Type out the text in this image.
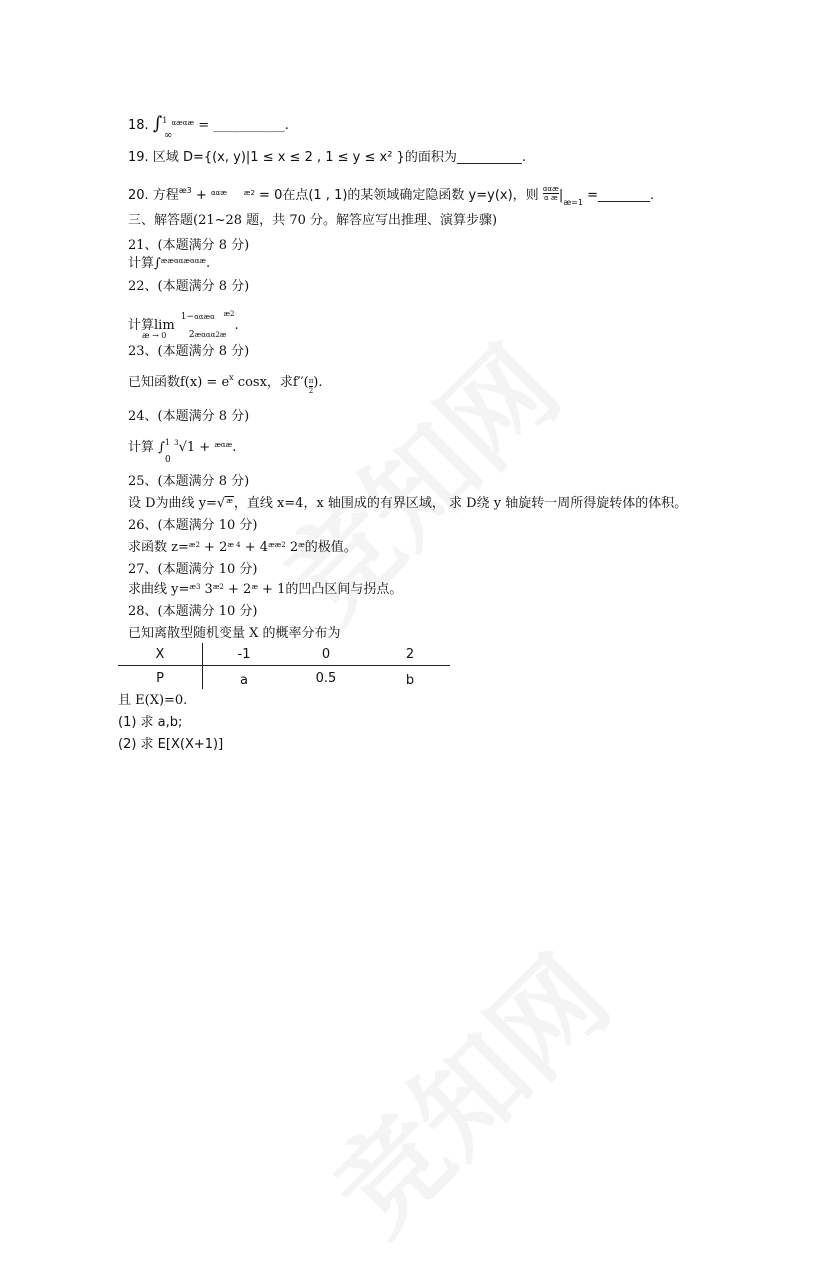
18. ∫$^1$ $^{\alpha æ\alpha æ}$ = ___________.
∞
19. 区域 D={(x, y)|1 ≤ x ≤ 2 , 1 ≤ y ≤ x² }的面积为__________.
20. 方程$^{æ3}$ + $^{\alpha\alpha æ}$ $^{æ2}$ = 0在点(1 , 1)的某领域确定隐函数 y=y(x)，则 ααæ
α æ $|_{æ=1}$ =________.
三、解答题(21~28 题，共 70 分。解答应写出推理、演算步骤)
21、(本题满分 8 分)
计算∫$^{ææ\alpha\alpha æ\alpha\alpha æ}$.
22、(本题满分 8 分)
计算lim
1−ααæα $^{æ2}$
2æααα2æ
.
æ → 0
23、(本题满分 8 分)
已知函数$f(x) = e^x$ cosx，求$f''( \frac{\pi}{2}$ ).
24、(本题满分 8 分)
计算 ∫$^1$ $^3$√1 + $^{æ\alpha æ}$.
0
25、(本题满分 8 分)
设 D为曲线 y=√$^æ$，直线 x=4，x 轴围成的有界区域， 求 D绕 y 轴旋转一周所得旋转体的体积。
26、(本题满分 10 分)
求函数 $z=^{æ2} + 2^{æ 4} + 4^{ææ2}$ $2^æ$的极值。
27、(本题满分 10 分)
求曲线 y=$^{æ3}$ $3^{æ2} + 2^æ + 1$的凹凸区间与拐点。
28、(本题满分 10 分)
已知离散型随机变量 X 的概率分布为
X	-1	0	2
P	a	0.5	b
且 E(X)=0.
(1) 求 a,b;
(2) 求 E[X(X+1)]
